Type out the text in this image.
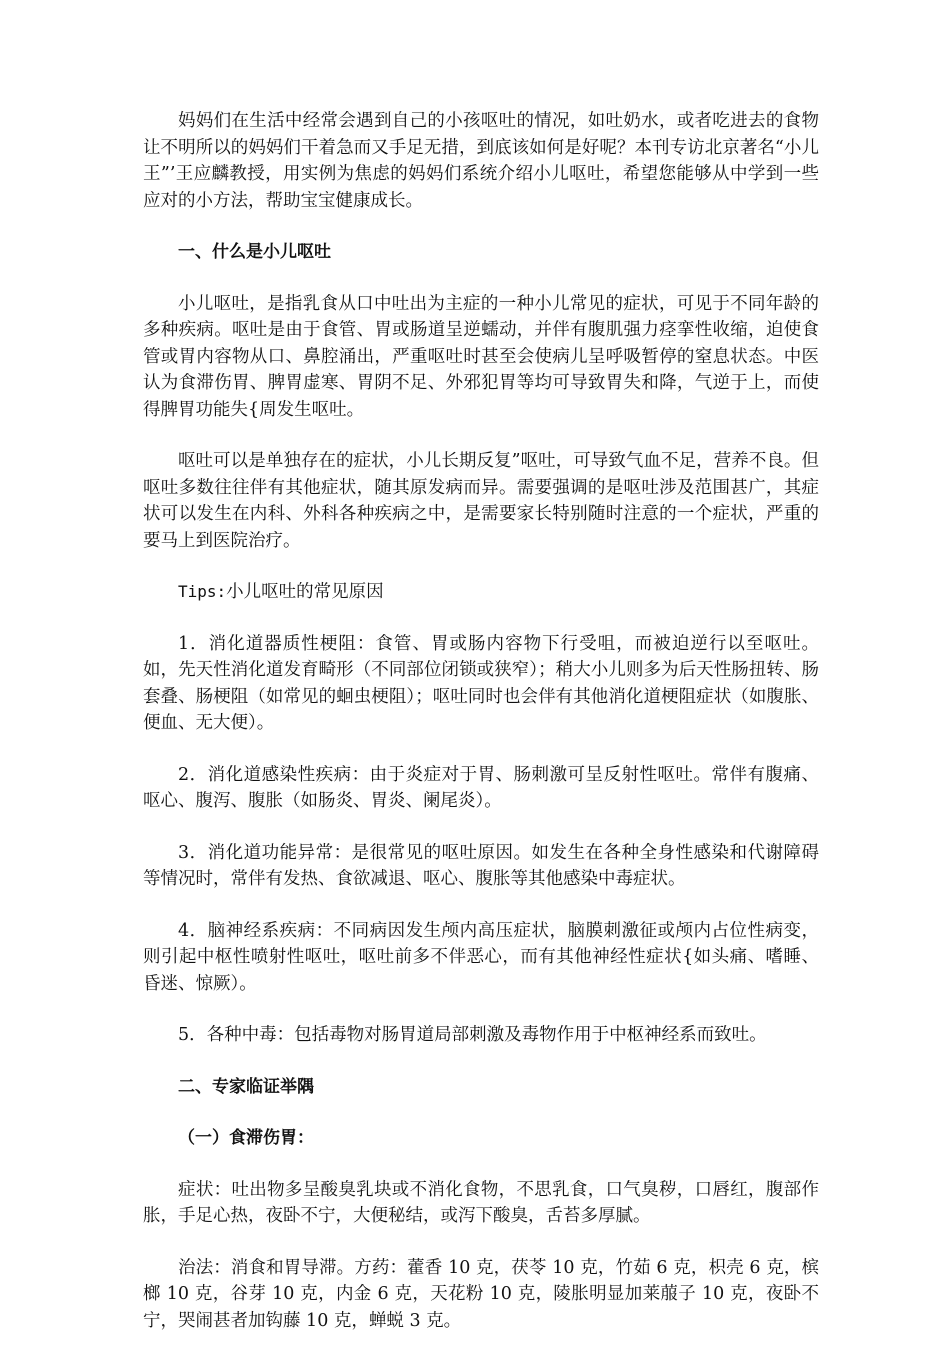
妈妈们在生活中经常会遇到自己的小孩呕吐的情况，如吐奶水，或者吃进去的食物让不明所以的妈妈们干着急而又手足无措，到底该如何是好呢？本刊专访北京著名“小儿王”’王应麟教授，用实例为焦虑的妈妈们系统介绍小儿呕吐，希望您能够从中学到一些应对的小方法，帮助宝宝健康成长。

一、什么是小儿呕吐

小儿呕吐，是指乳食从口中吐出为主症的一种小儿常见的症状，可见于不同年龄的多种疾病。呕吐是由于食管、胃或肠道呈逆蠕动，并伴有腹肌强力痉挛性收缩，迫使食管或胃内容物从口、鼻腔涌出，严重呕吐时甚至会使病儿呈呼吸暂停的窒息状态。中医认为食滞伤胃、脾胃虚寒、胃阴不足、外邪犯胃等均可导致胃失和降，气逆于上，而使得脾胃功能失{周发生呕吐。

呕吐可以是单独存在的症状，小儿长期反复”呕吐，可导致气血不足，营养不良。但呕吐多数往往伴有其他症状，随其原发病而异。需要强调的是呕吐涉及范围甚广，其症状可以发生在内科、外科各种疾病之中，是需要家长特别随时注意的一个症状，严重的要马上到医院治疗。

Tips:小儿呕吐的常见原因

1．消化道器质性梗阻：食管、胃或肠内容物下行受咀，而被迫逆行以至呕吐。如，先天性消化道发育畸形（不同部位闭锁或狭窄）；稍大小儿则多为后天性肠扭转、肠套叠、肠梗阻（如常见的蛔虫梗阻）；呕吐同时也会伴有其他消化道梗阻症状（如腹胀、便血、无大便）。

2．消化道感染性疾病：由于炎症对于胃、肠刺激可呈反射性呕吐。常伴有腹痛、呕心、腹泻、腹胀（如肠炎、胃炎、阑尾炎）。

3．消化道功能异常：是很常见的呕吐原因。如发生在各种全身性感染和代谢障碍等情况时，常伴有发热、食欲减退、呕心、腹胀等其他感染中毒症状。

4．脑神经系疾病：不同病因发生颅内高压症状，脑膜刺激征或颅内占位性病变，则引起中枢性喷射性呕吐，呕吐前多不伴恶心，而有其他神经性症状{如头痛、嗜睡、昏迷、惊厥）。

5．各种中毒：包括毒物对肠胃道局部刺激及毒物作用于中枢神经系而致吐。

二、专家临证举隅

（一）食滞伤胃：

症状：吐出物多呈酸臭乳块或不消化食物，不思乳食，口气臭秽，口唇红，腹部作胀，手足心热，夜卧不宁，大便秘结，或泻下酸臭，舌苔多厚腻。

治法：消食和胃导滞。方药：藿香 10 克，茯苓 10 克，竹茹 6 克，枳壳 6 克，槟榔 10 克，谷芽 10 克，内金 6 克，天花粉 10 克，陵胀明显加莱菔子 10 克，夜卧不宁，哭闹甚者加钩藤 10 克，蝉蜕 3 克。
